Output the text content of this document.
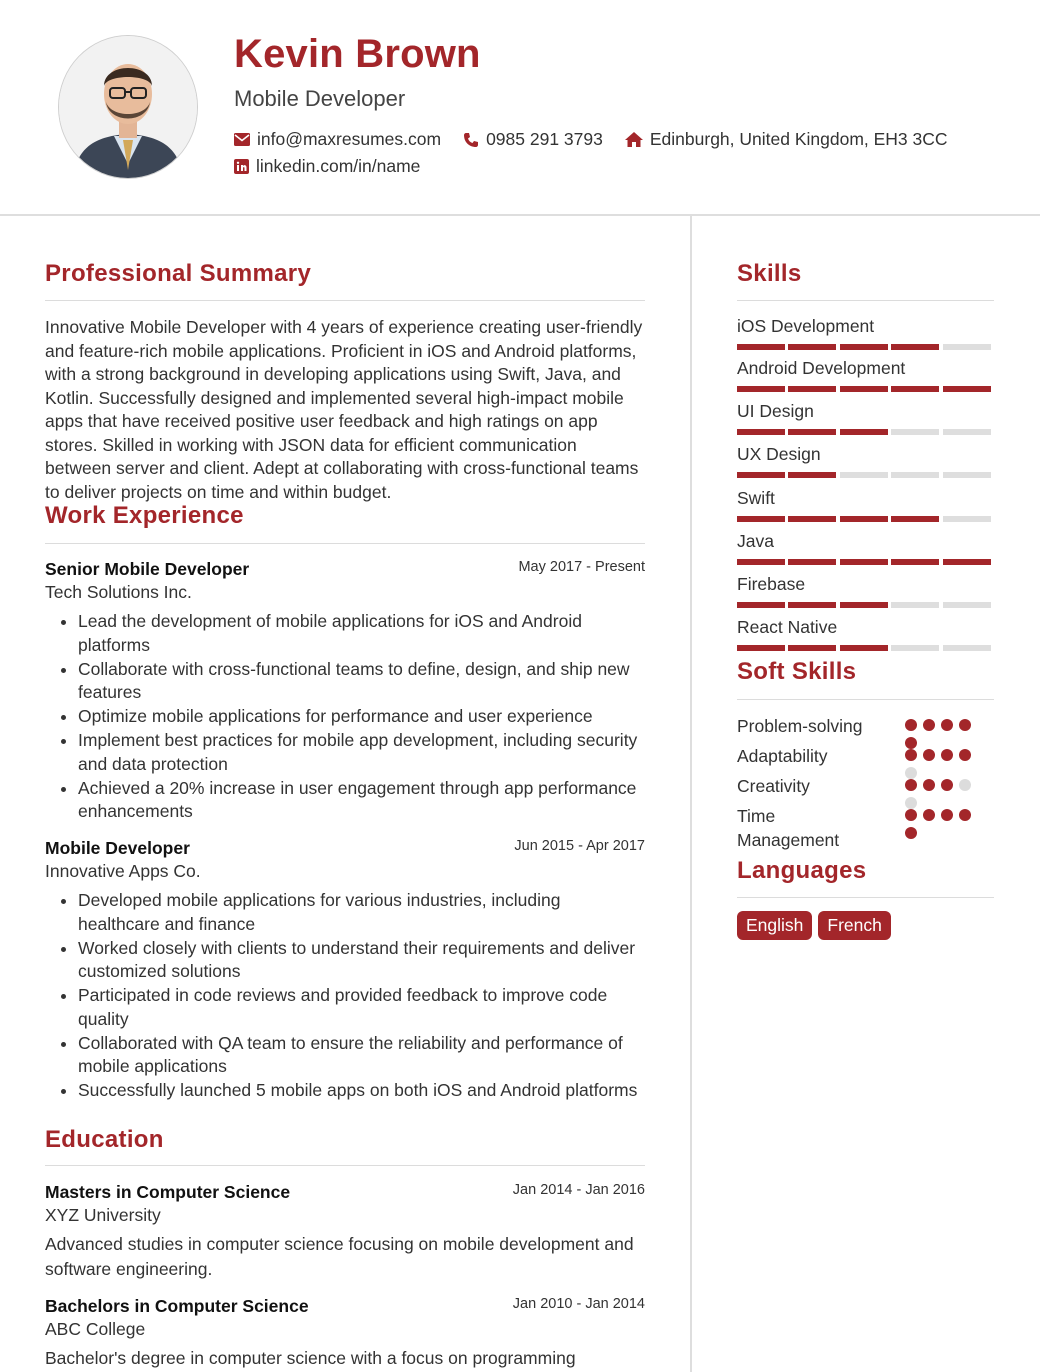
Kevin Brown
Mobile Developer
info@maxresumes.com	0985 291 3793	Edinburgh, United Kingdom, EH3 3CC
linkedin.com/in/name
Professional Summary

Innovative Mobile Developer with 4 years of experience creating user-friendly and feature-rich mobile applications. Proficient in iOS and Android platforms, with a strong background in developing applications using Swift, Java, and Kotlin. Successfully designed and implemented several high-impact mobile apps that have received positive user feedback and high ratings on app stores. Skilled in working with JSON data for efficient communication between server and client. Adept at collaborating with cross-functional teams to deliver projects on time and within budget.

Work Experience
Senior Mobile Developer	May 2017 - Present
Tech Solutions Inc.
• Lead the development of mobile applications for iOS and Android platforms
• Collaborate with cross-functional teams to define, design, and ship new features
• Optimize mobile applications for performance and user experience
• Implement best practices for mobile app development, including security and data protection
• Achieved a 20% increase in user engagement through app performance enhancements
Mobile Developer	Jun 2015 - Apr 2017
Innovative Apps Co.
• Developed mobile applications for various industries, including healthcare and finance
• Worked closely with clients to understand their requirements and deliver customized solutions
• Participated in code reviews and provided feedback to improve code quality
• Collaborated with QA team to ensure the reliability and performance of mobile applications
• Successfully launched 5 mobile apps on both iOS and Android platforms
Education
Masters in Computer Science	Jan 2014 - Jan 2016
XYZ University
Advanced studies in computer science focusing on mobile development and software engineering.
Bachelors in Computer Science	Jan 2010 - Jan 2014
ABC College
Bachelor's degree in computer science with a focus on programming
Skills
iOS Development
Android Development
UI Design
UX Design
Swift
Java
Firebase
React Native
Soft Skills
Problem-solving
Adaptability
Creativity
Time Management
Languages
English	French
